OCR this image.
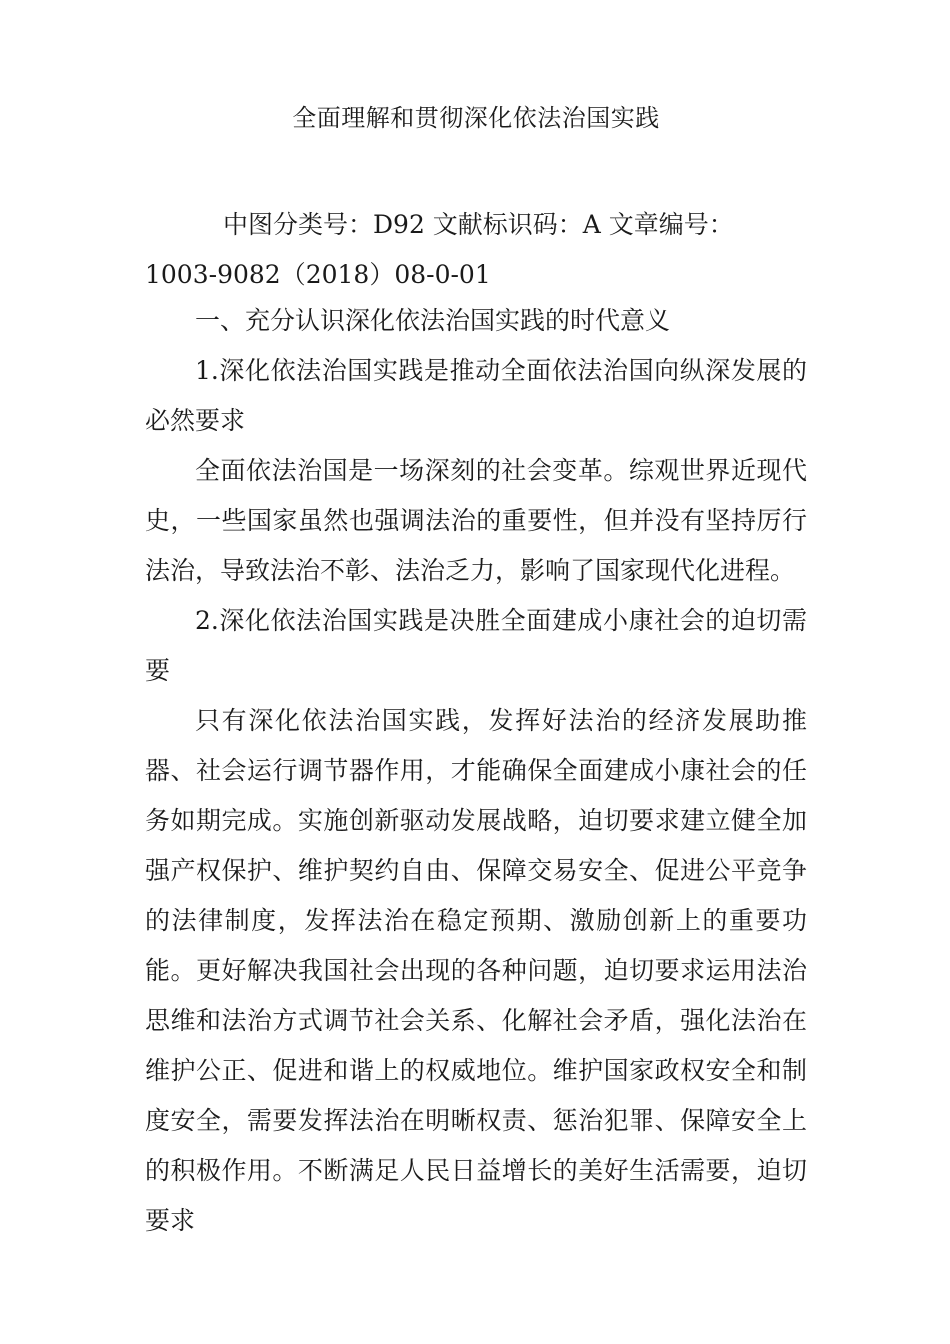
全面理解和贯彻深化依法治国实践
中图分类号：D92 文献标识码：A 文章编号：
1003-9082（2018）08-0-01

一、充分认识深化依法治国实践的时代意义

1.深化依法治国实践是推动全面依法治国向纵深发展的必然要求

全面依法治国是一场深刻的社会变革。综观世界近现代史，一些国家虽然也强调法治的重要性，但并没有坚持厉行法治，导致法治不彰、法治乏力，影响了国家现代化进程。

2.深化依法治国实践是决胜全面建成小康社会的迫切需要

只有深化依法治国实践，发挥好法治的经济发展助推器、社会运行调节器作用，才能确保全面建成小康社会的任务如期完成。实施创新驱动发展战略，迫切要求建立健全加强产权保护、维护契约自由、保障交易安全、促进公平竞争的法律制度，发挥法治在稳定预期、激励创新上的重要功能。更好解决我国社会出现的各种问题，迫切要求运用法治思维和法治方式调节社会关系、化解社会矛盾，强化法治在维护公正、促进和谐上的权威地位。维护国家政权安全和制度安全，需要发挥法治在明晰权责、惩治犯罪、保障安全上的积极作用。不断满足人民日益增长的美好生活需要，迫切要求
